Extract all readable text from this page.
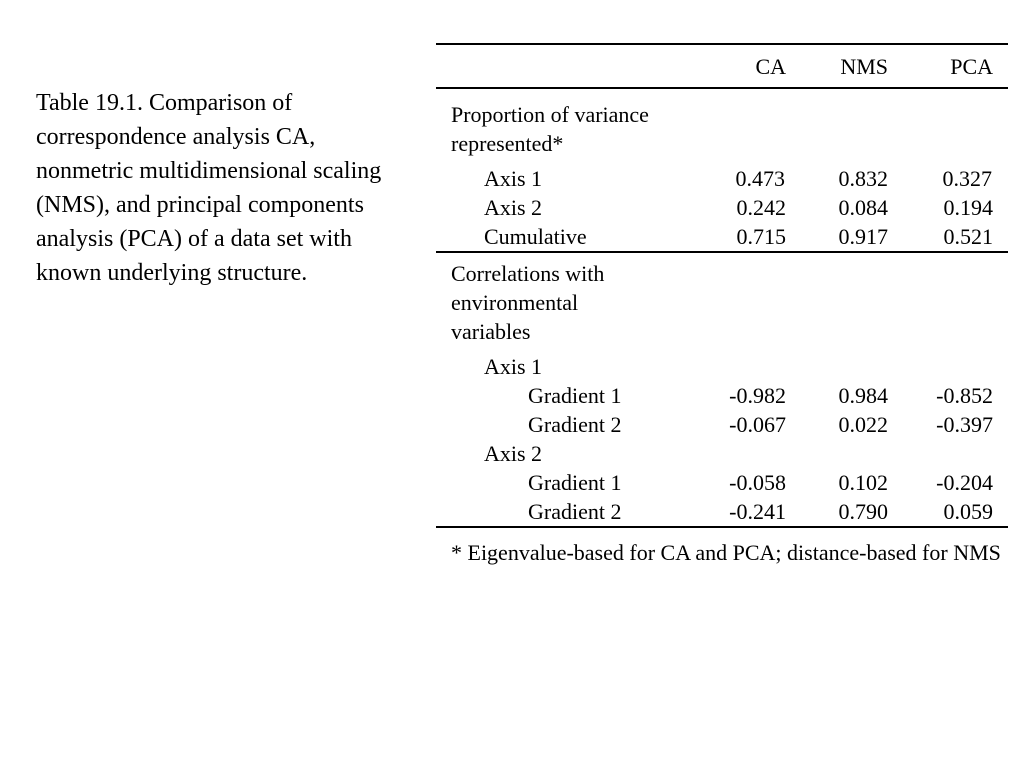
Table 19.1. Comparison of correspondence analysis CA, nonmetric multidimensional scaling (NMS), and principal components analysis (PCA) of a data set with known underlying structure.
CA NMS	PCA
Proportion of variance represented*
Axis 1	0.473 0.832 0.327
Axis 2	0.242 0.084	0.194
Cumulative	0.715 0.917	0.521
Correlations with environmental variables
Axis 1
Gradient 1	-0.982 0.984 -0.852
Gradient 2	-0.067 0.022 -0.397
Axis 2
Gradient 1	-0.058 0.102 -0.204
Gradient 2	-0.241 0.790	0.059
* Eigenvalue-based for CA and PCA; distance-based for NMS
